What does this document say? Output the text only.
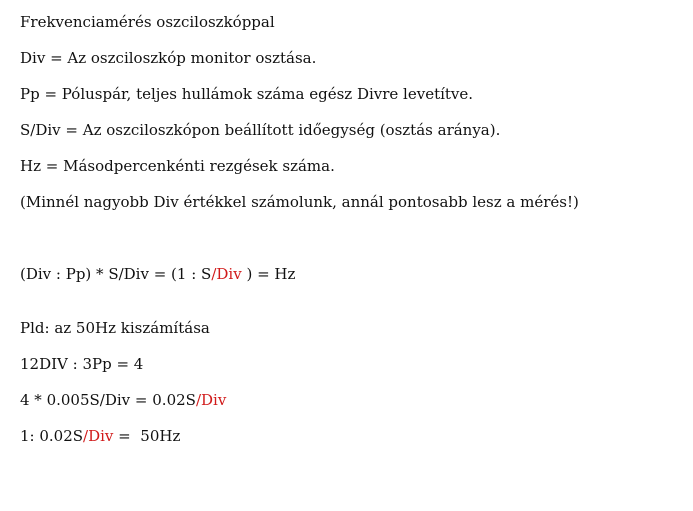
Frekvenciamérés oszciloszkóppal
Div = Az oszciloszkóp monitor osztása.
Pp = Póluspár, teljes hullámok száma egész Divre levetítve.
S/Div = Az oszciloszkópon beállított időegység (osztás aránya).
Hz = Másodpercenkénti rezgések száma.
(Minnél nagyobb Div értékkel számolunk, annál pontosabb lesz a mérés!)
(Div : Pp) * S/Div = (1 : S/Div ) = Hz
Pld: az 50Hz kiszámítása
12DIV : 3Pp = 4
4 * 0.005S/Div = 0.02S/Div
1: 0.02S/Div =  50Hz
